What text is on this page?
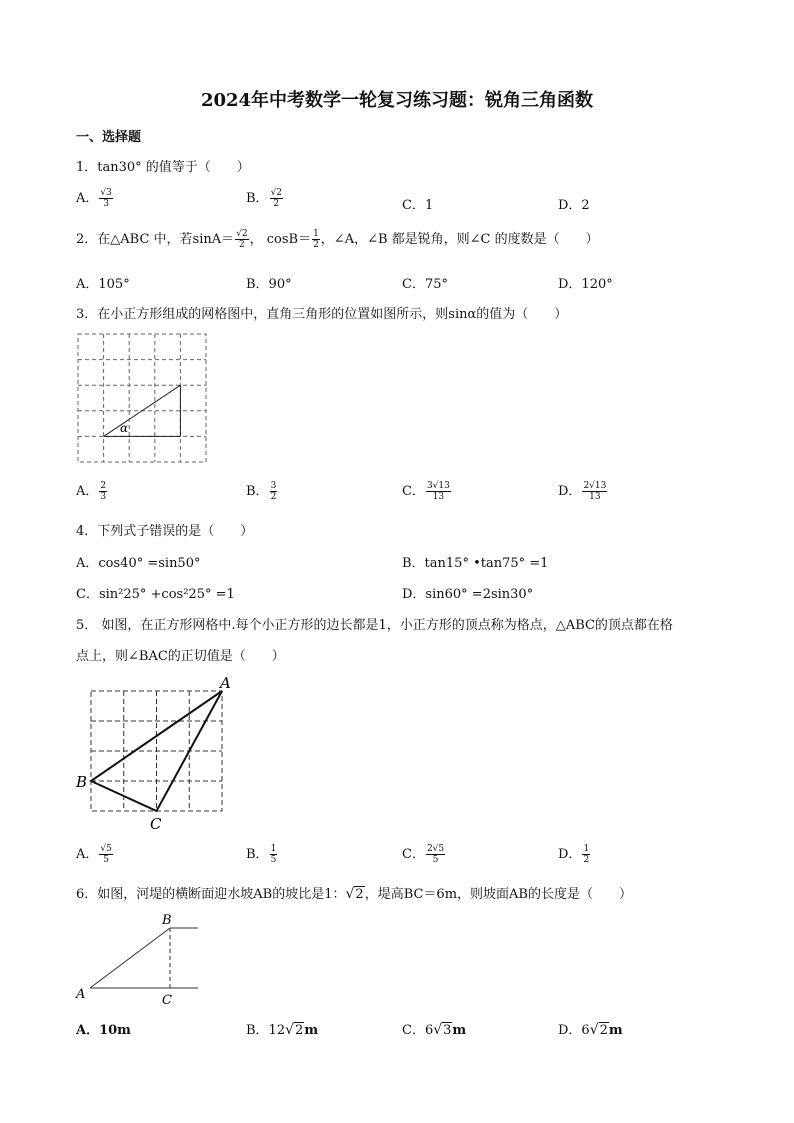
2024年中考数学一轮复习练习题：锐角三角函数
一、选择题
1．tan30° 的值等于（　　）
A． $\frac{√3}{3}$	B． $\frac{√2}{2}$	C．1	D．2
2．在△ABC 中，若$\sin A= \frac{√2}{2}$ ， $\cos B= \frac{1}{2}$ ，∠A，∠B 都是锐角，则∠C 的度数是（　　）
A．105°	B．90°	C．75°	D．120°
3．在小正方形组成的网格图中，直角三角形的位置如图所示，则sinα的值为（　　）
α
A． $\frac{2}{3}$	B． $\frac{3}{2}$	C． $\frac{3√13}{13}$	D． $\frac{2√13}{13}$
4．下列式子错误的是（　　）
A．cos40° =sin50°	B．tan15° •tan75° =1
C．sin²25° +cos²25° =1	D．sin60° =2sin30°
5． 如图，在正方形网格中.每个小正方形的边长都是1，小正方形的顶点称为格点，△ABC的顶点都在格
点上，则∠BAC的正切值是（　　）
A
B
C
A． $\frac{√5}{5}$	B． $\frac{1}{5}$	C． $\frac{2√5}{5}$	D． $\frac{1}{2}$
6．如图，河堤的横断面迎水坡AB的坡比是1：√2，堤高BC＝6m，则坡面AB的长度是（　　）
A
B
C
A．10m	B．12√2m	C．6√3m	D．6√2m
